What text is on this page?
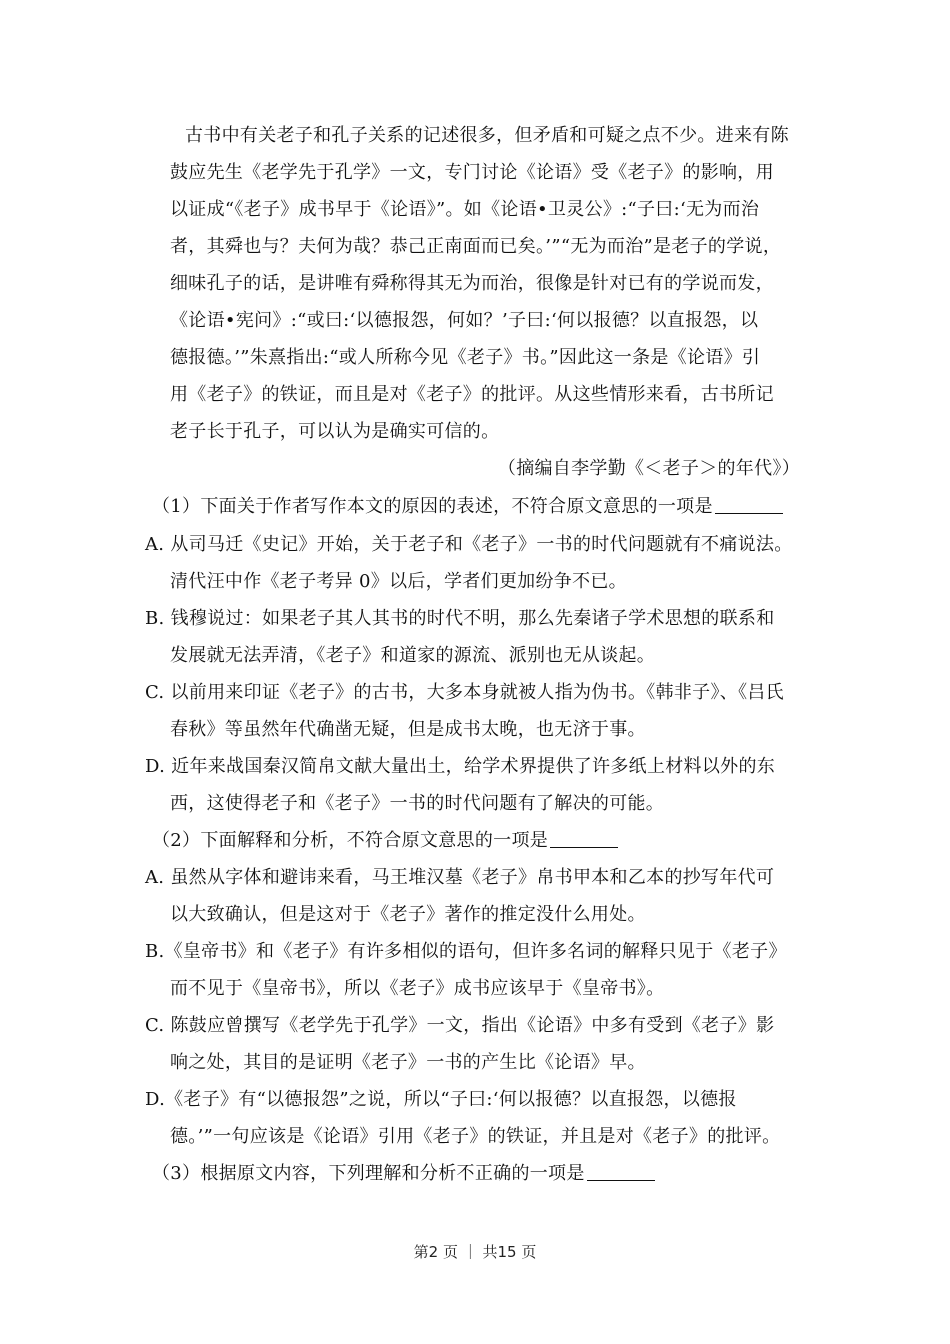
古书中有关老子和孔子关系的记述很多，但矛盾和可疑之点不少。进来有陈
鼓应先生《老学先于孔学》一文，专门讨论《论语》受《老子》的影响，用
以证成“《老子》成书早于《论语》”。如《论语•卫灵公》:“子曰:‘无为而治
者，其舜也与？夫何为哉？恭己正南面而已矣。’”“无为而治”是老子的学说，
细味孔子的话，是讲唯有舜称得其无为而治，很像是针对已有的学说而发，
《论语•宪问》:“或曰:‘以德报怨，何如？’子曰:‘何以报德？以直报怨，以
德报德。’”朱熹指出:“或人所称今见《老子》书。”因此这一条是《论语》引
用《老子》的铁证，而且是对《老子》的批评。从这些情形来看，古书所记
老子长于孔子，可以认为是确实可信的。
（摘编自李学勤《＜老子＞的年代》）
（1）下面关于作者写作本文的原因的表述，不符合原文意思的一项是
A. 从司马迁《史记》开始，关于老子和《老子》一书的时代问题就有不痛说法。
清代汪中作《老子考异 0》以后，学者们更加纷争不已。
B. 钱穆说过：如果老子其人其书的时代不明，那么先秦诸子学术思想的联系和
发展就无法弄清，《老子》和道家的源流、派别也无从谈起。
C. 以前用来印证《老子》的古书，大多本身就被人指为伪书。《韩非子》、《吕氏
春秋》等虽然年代确凿无疑，但是成书太晚，也无济于事。
D. 近年来战国秦汉简帛文献大量出土，给学术界提供了许多纸上材料以外的东
西，这使得老子和《老子》一书的时代问题有了解决的可能。
（2）下面解释和分析，不符合原文意思的一项是
A. 虽然从字体和避讳来看，马王堆汉墓《老子》帛书甲本和乙本的抄写年代可
以大致确认，但是这对于《老子》著作的推定没什么用处。
B.《皇帝书》和《老子》有许多相似的语句，但许多名词的解释只见于《老子》
而不见于《皇帝书》，所以《老子》成书应该早于《皇帝书》。
C. 陈鼓应曾撰写《老学先于孔学》一文，指出《论语》中多有受到《老子》影
响之处，其目的是证明《老子》一书的产生比《论语》早。
D.《老子》有“以德报怨”之说，所以“子曰:‘何以报德？以直报怨，以德报
德。’”一句应该是《论语》引用《老子》的铁证，并且是对《老子》的批评。
（3）根据原文内容，下列理解和分析不正确的一项是
第2 页 ｜ 共15 页
